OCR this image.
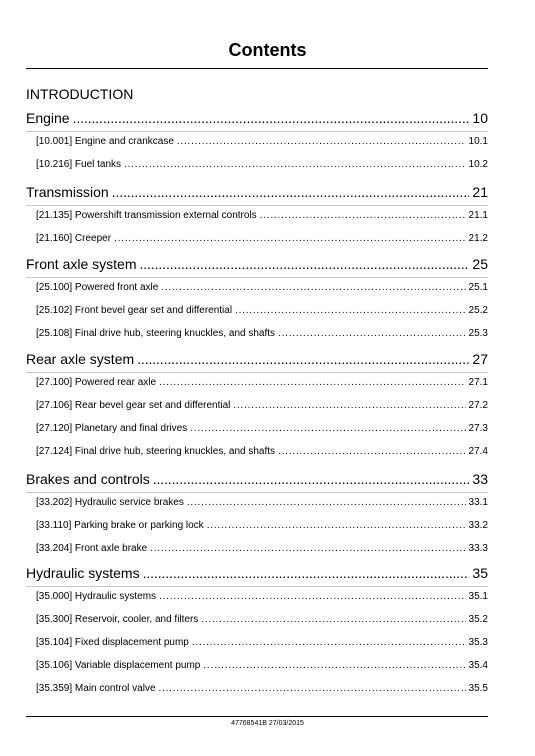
Contents
INTRODUCTION
Engine . . .	10
[10.001] Engine and crankcase . . .	10.1
[10.216] Fuel tanks . . .	10.2
Transmission . . .	21
[21.135] Powershift transmission external controls . . .	21.1
[21.160] Creeper . . .	21.2
Front axle system . . .	25
[25.100] Powered front axle . . .	25.1
[25.102] Front bevel gear set and differential . . .	25.2
[25.108] Final drive hub, steering knuckles, and shafts . . .	25.3
Rear axle system . . .	27
[27.100] Powered rear axle . . .	27.1
[27.106] Rear bevel gear set and differential . . .	27.2
[27.120] Planetary and final drives . . .	27.3
[27.124] Final drive hub, steering knuckles, and shafts . . .	27.4
Brakes and controls . . .	33
[33.202] Hydraulic service brakes . . .	33.1
[33.110] Parking brake or parking lock . . .	33.2
[33.204] Front axle brake . . .	33.3
Hydraulic systems . . .	35
[35.000] Hydraulic systems . . .	35.1
[35.300] Reservoir, cooler, and filters . . .	35.2
[35.104] Fixed displacement pump . . .	35.3
[35.106] Variable displacement pump . . .	35.4
[35.359] Main control valve . . .	35.5
47768541B 27/03/2015
